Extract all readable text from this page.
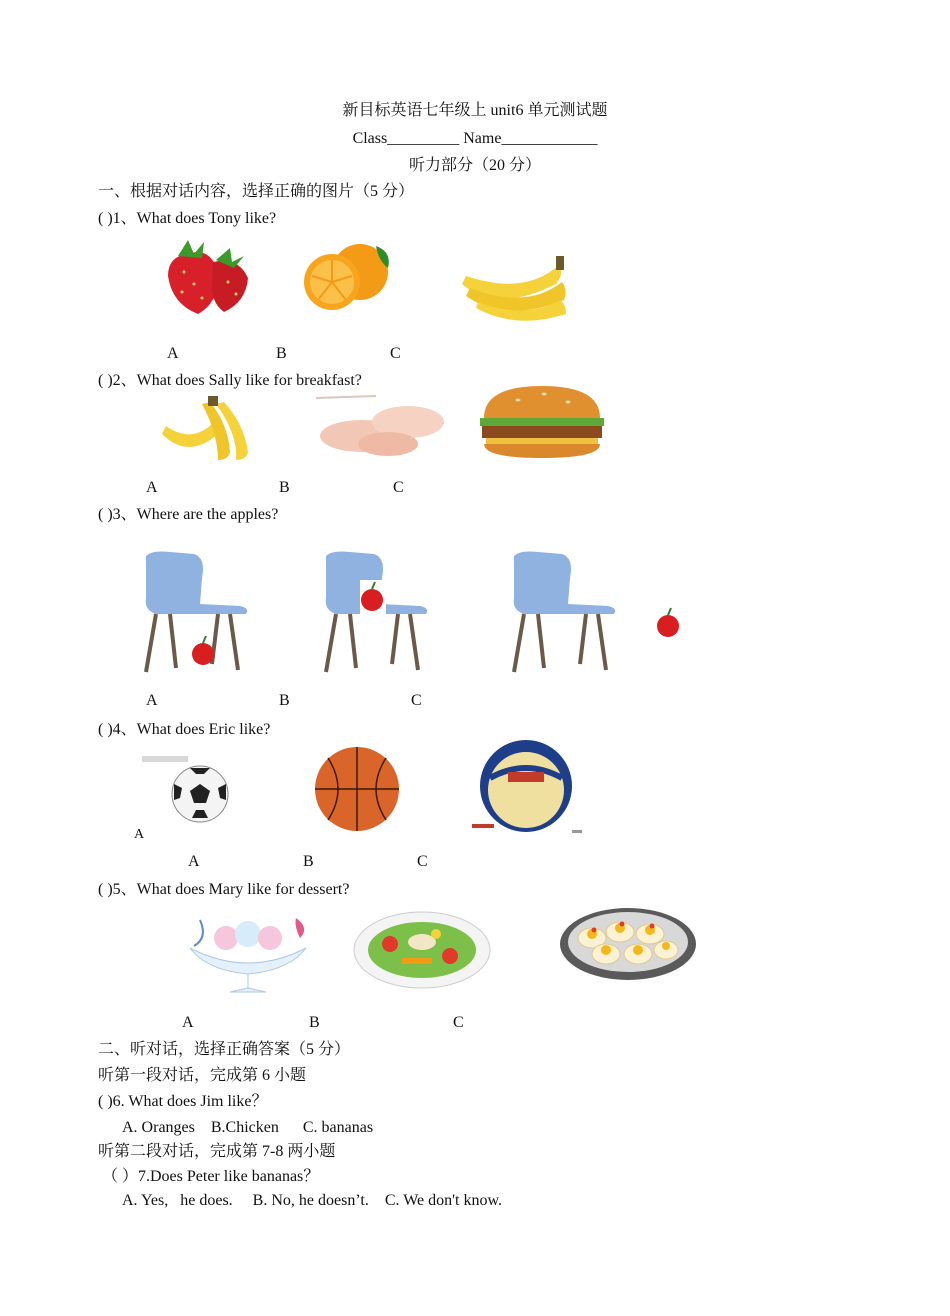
新目标英语七年级上 unit6 单元测试题
Class_________ Name____________
听力部分（20 分）
一、根据对话内容，选择正确的图片（5 分）
( )1、What does Tony like?
A	B	C
( )2、What does Sally like for breakfast?
A	B	C
( )3、Where are the apples?
A	B	C
( )4、What does Eric like?
A
A	B	C
( )5、What does Mary like for dessert?
A	B	C
二、听对话，选择正确答案（5 分）
听第一段对话，完成第 6 小题
( )6. What does Jim like？
A. Oranges    B.Chicken      C. bananas
听第二段对话，完成第 7-8 两小题
（ ）7.Does Peter like bananas？
A. Yes,   he does.     B. No, he doesn’t.    C. We don't know.
